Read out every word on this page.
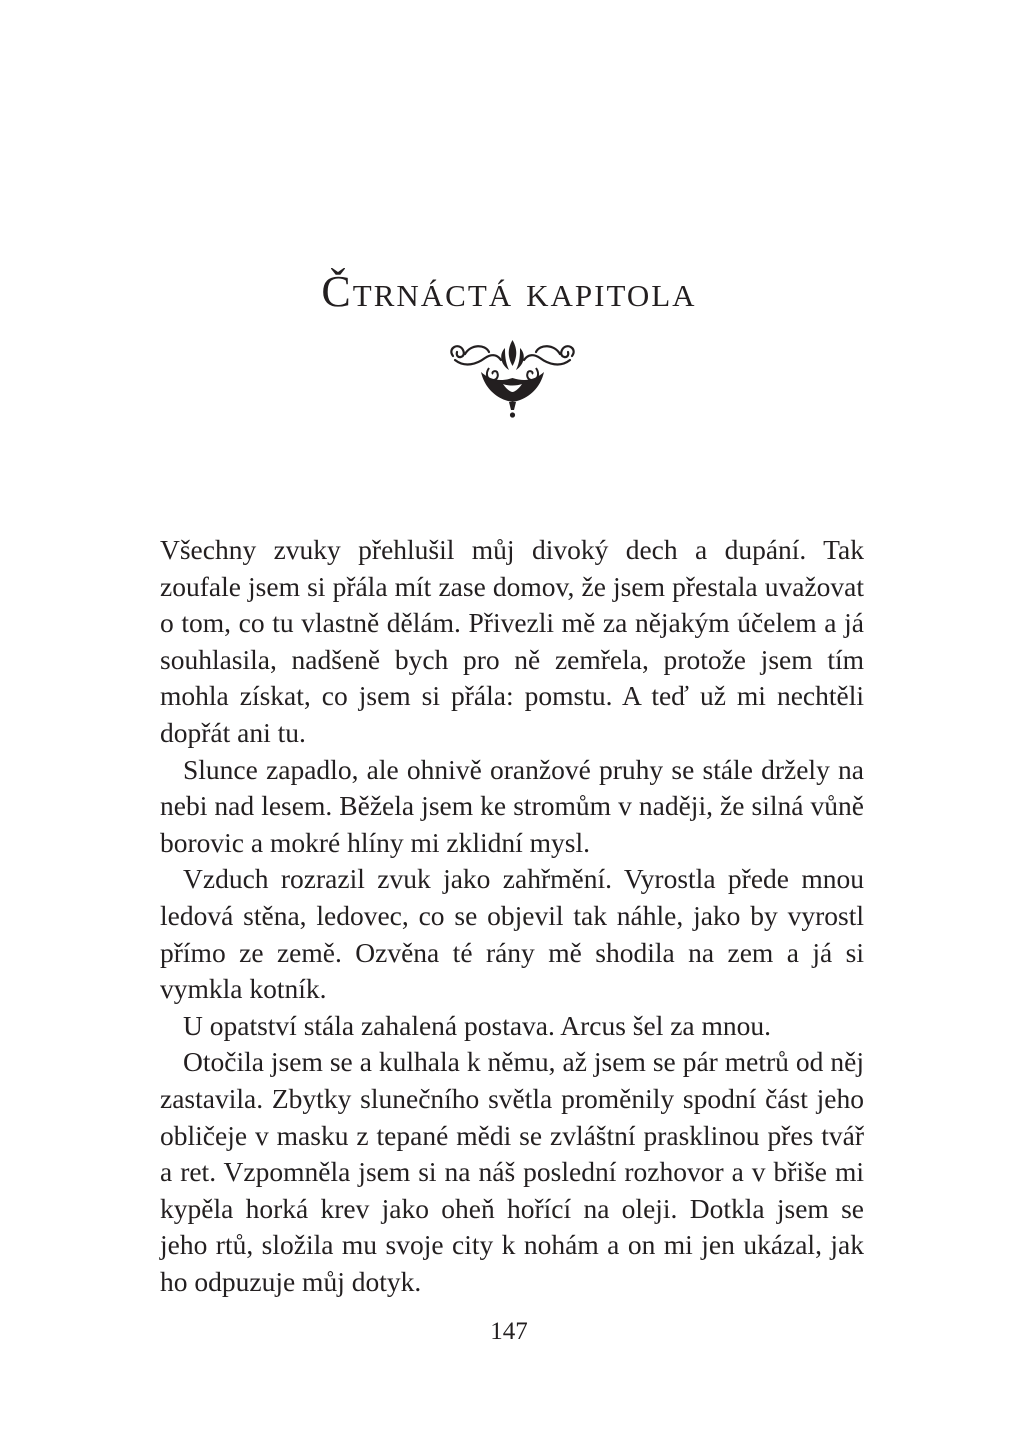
Čtrnáctá kapitola

Všechny zvuky přehlušil můj divoký dech a dupání. Tak zoufale jsem si přála mít zase domov, že jsem přestala uvažovat o tom, co tu vlastně dělám. Přivezli mě za nějakým účelem a já souhlasila, nadšeně bych pro ně zemřela, protože jsem tím mohla získat, co jsem si přála: pomstu. A teď už mi nechtěli dopřát ani tu.

Slunce zapadlo, ale ohnivě oranžové pruhy se stále držely na nebi nad lesem. Běžela jsem ke stromům v naději, že silná vůně borovic a mokré hlíny mi zklidní mysl.

Vzduch rozrazil zvuk jako zahřmění. Vyrostla přede mnou ledová stěna, ledovec, co se objevil tak náhle, jako by vyrostl přímo ze země. Ozvěna té rány mě shodila na zem a já si vymkla kotník.

U opatství stála zahalená postava. Arcus šel za mnou.

Otočila jsem se a kulhala k němu, až jsem se pár metrů od něj zastavila. Zbytky slunečního světla proměnily spodní část jeho obličeje v masku z tepané mědi se zvláštní prasklinou přes tvář a ret. Vzpomněla jsem si na náš poslední rozhovor a v břiše mi kypěla horká krev jako oheň hořící na oleji. Dotkla jsem se jeho rtů, složila mu svoje city k nohám a on mi jen ukázal, jak ho odpuzuje můj dotyk.

147
